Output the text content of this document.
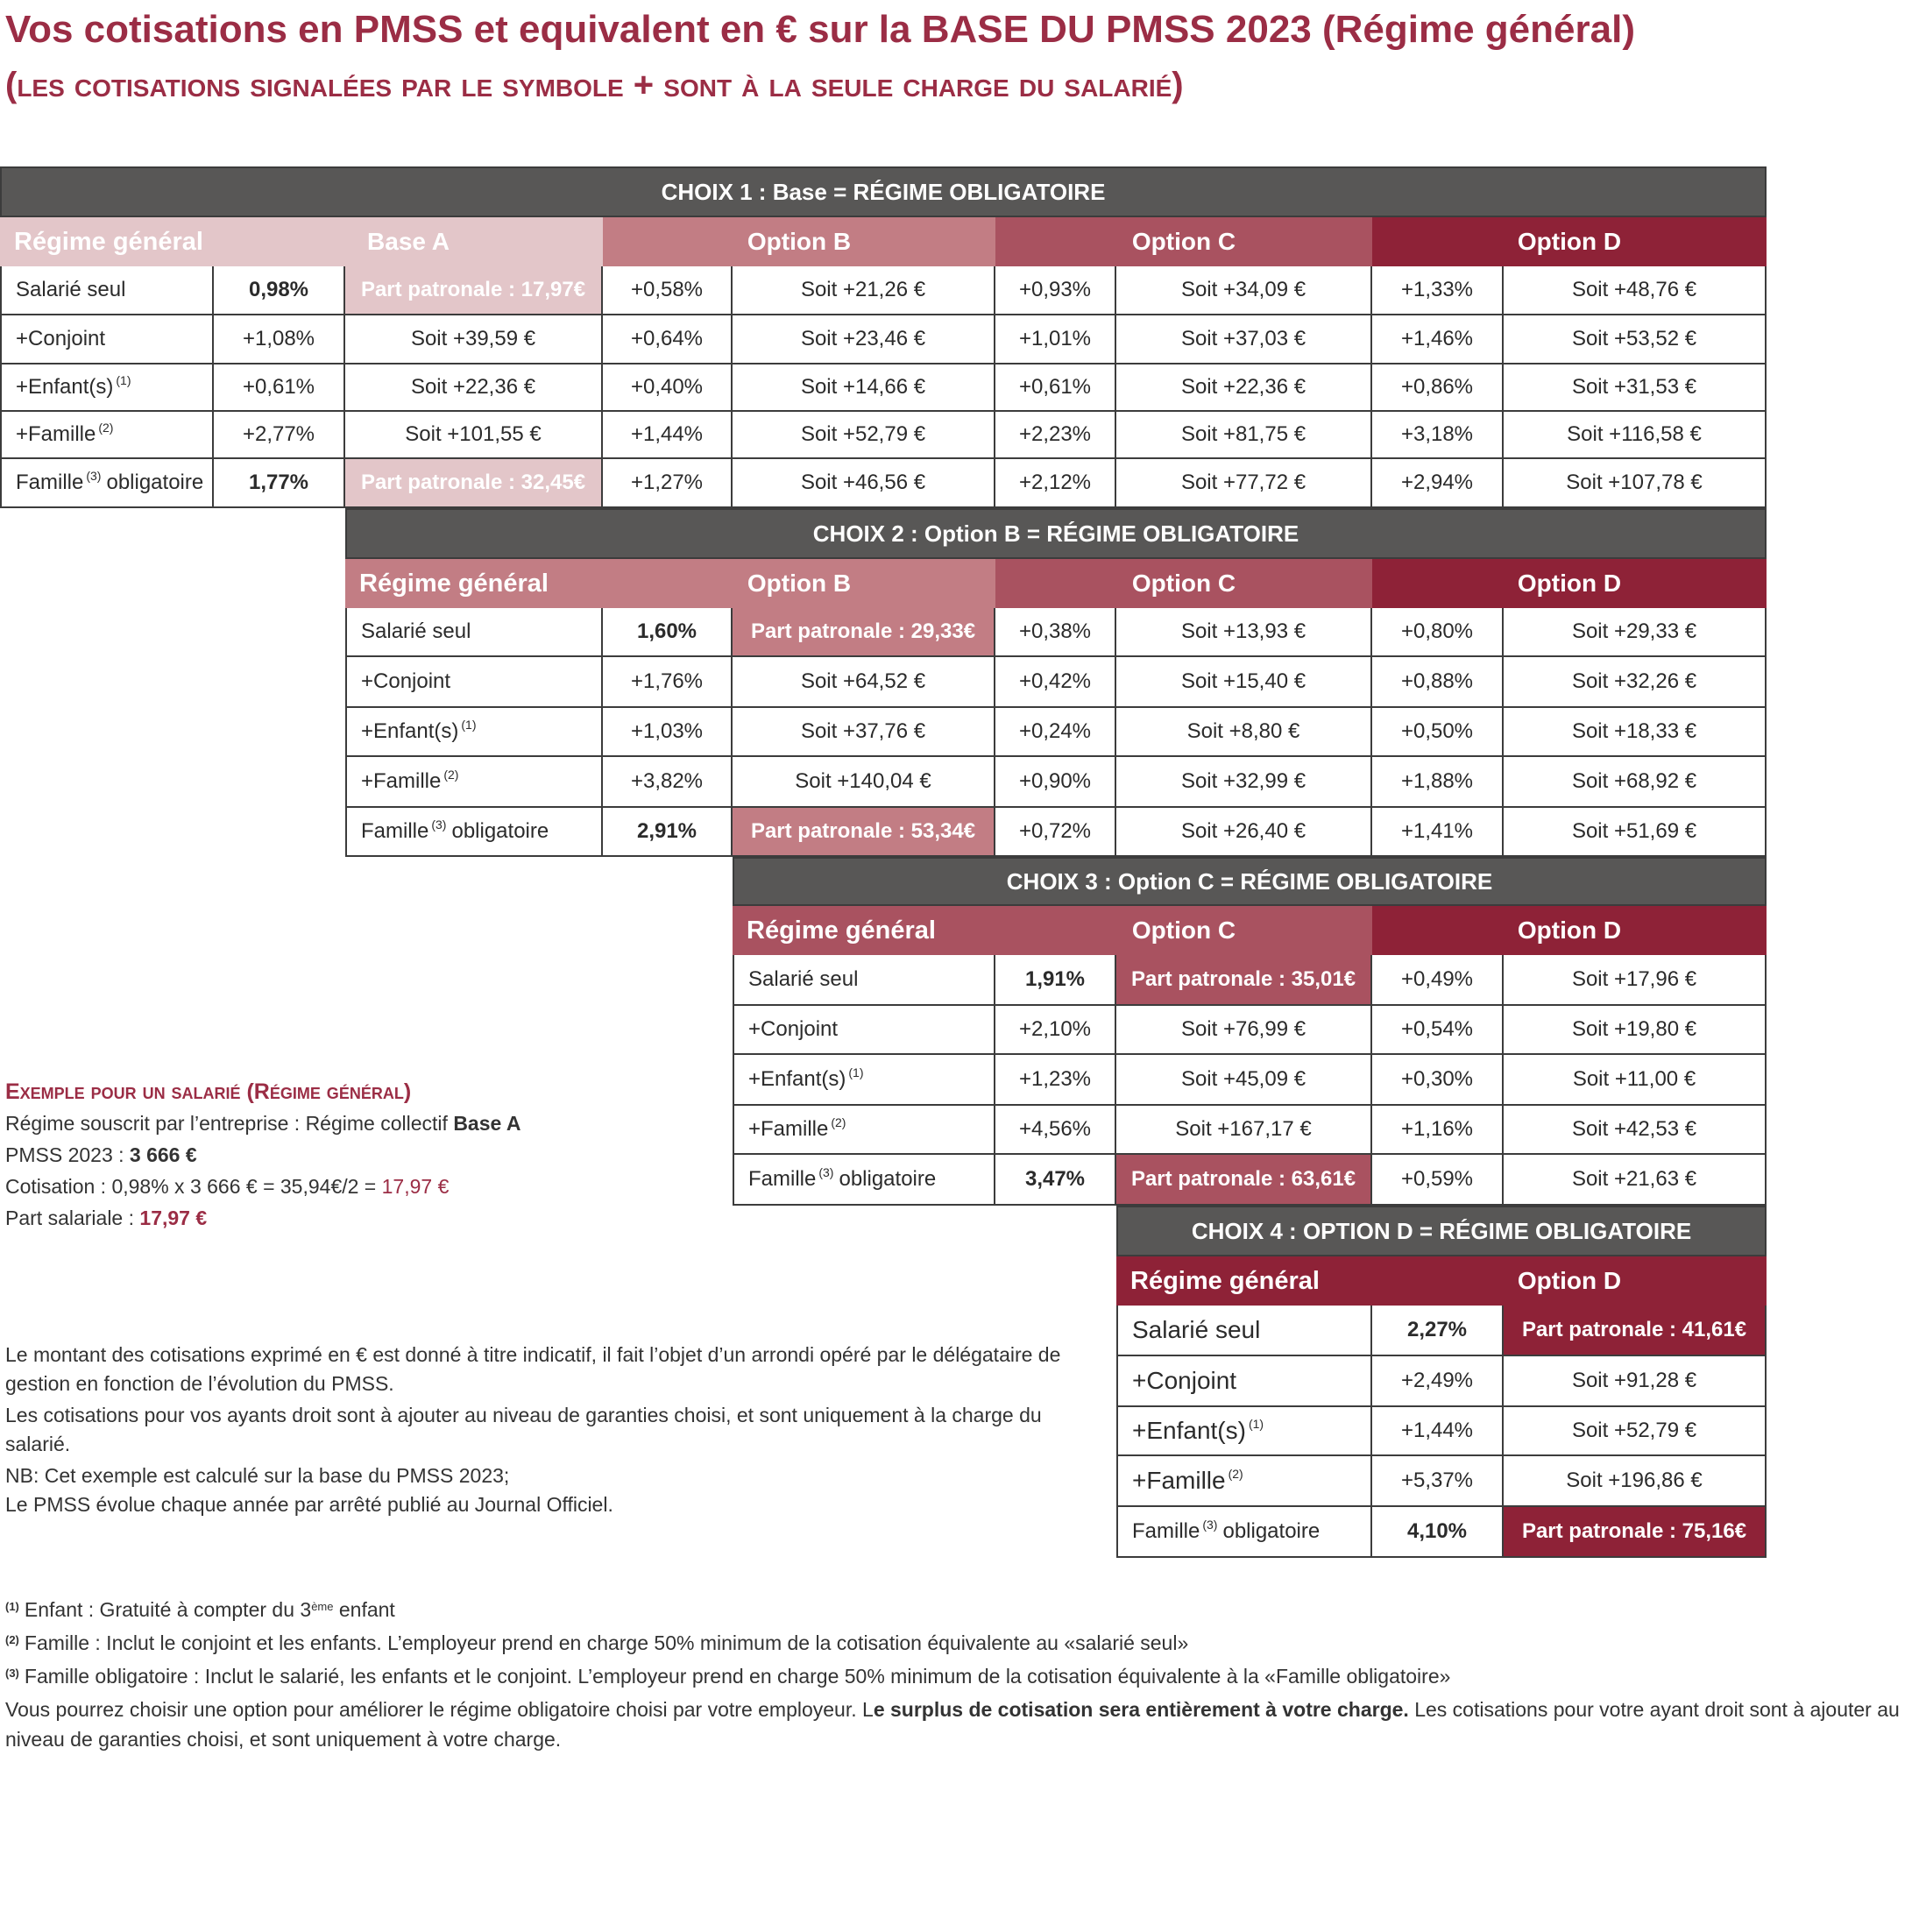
Vos cotisations en PMSS et equivalent en € sur la BASE DU PMSS 2023 (Régime général)
(les cotisations signalées par le symbole + sont à la seule charge du salarié)
CHOIX 1 : Base = RÉGIME OBLIGATOIRE
Régime général	Base A	Option B	Option C	Option D
Salarié seul	0,98%	Part patronale : 17,97€	+0,58%	Soit +21,26 €	+0,93%	Soit +34,09 €	+1,33%	Soit +48,76 €
+Conjoint	+1,08%	Soit +39,59 €	+0,64%	Soit +23,46 €	+1,01%	Soit +37,03 €	+1,46%	Soit +53,52 €
$+Enfant(s)^{(1)}$	+0,61%	Soit +22,36 €	+0,40%	Soit +14,66 €	+0,61%	Soit +22,36 €	+0,86%	Soit +31,53 €
+Famille$^{(2)}$	+2,77%	Soit +101,55 €	+1,44%	Soit +52,79 €	+2,23%	Soit +81,75 €	+3,18%	Soit +116,58 €
Famille$^{(3)}$ obligatoire	1,77%	Part patronale : 32,45€	+1,27%	Soit +46,56 €	+2,12%	Soit +77,72 €	+2,94%	Soit +107,78 €
CHOIX 2 : Option B = RÉGIME OBLIGATOIRE
Régime général	Option B	Option C	Option D
Salarié seul	1,60%	Part patronale : 29,33€	+0,38%	Soit +13,93 €	+0,80%	Soit +29,33 €
+Conjoint	+1,76%	Soit +64,52 €	+0,42%	Soit +15,40 €	+0,88%	Soit +32,26 €
$+Enfant(s)^{(1)}$	+1,03%	Soit +37,76 €	+0,24%	Soit +8,80 €	+0,50%	Soit +18,33 €
+Famille$^{(2)}$	+3,82%	Soit +140,04 €	+0,90%	Soit +32,99 €	+1,88%	Soit +68,92 €
Famille$^{(3)}$ obligatoire	2,91%	Part patronale : 53,34€	+0,72%	Soit +26,40 €	+1,41%	Soit +51,69 €
CHOIX 3 : Option C = RÉGIME OBLIGATOIRE
Régime général	Option C	Option D
Salarié seul	1,91%	Part patronale : 35,01€	+0,49%	Soit +17,96 €
+Conjoint	+2,10%	Soit +76,99 €	+0,54%	Soit +19,80 €
$+Enfant(s)^{(1)}$	+1,23%	Soit +45,09 €	+0,30%	Soit +11,00 €
+Famille$^{(2)}$	+4,56%	Soit +167,17 €	+1,16%	Soit +42,53 €
Famille$^{(3)}$ obligatoire	3,47%	Part patronale : 63,61€	+0,59%	Soit +21,63 €
CHOIX 4 : OPTION D = RÉGIME OBLIGATOIRE
Régime général	Option D
Salarié seul	2,27%	Part patronale : 41,61€
+Conjoint	+2,49%	Soit +91,28 €
$+Enfant(s)^{(1)}$	+1,44%	Soit +52,79 €
+Famille$^{(2)}$	+5,37%	Soit +196,86 €
Famille$^{(3)}$ obligatoire	4,10%	Part patronale : 75,16€
Exemple pour un salarié (Régime général)
Régime souscrit par l’entreprise : Régime collectif Base A
PMSS 2023 : 3 666 €
Cotisation : 0,98% x 3 666 € = 35,94€/2 = 17,97 €
Part salariale : 17,97 €

Le montant des cotisations exprimé en € est donné à titre indicatif, il fait l’objet d’un arrondi opéré par le délégataire de gestion en fonction de l’évolution du PMSS.

Les cotisations pour vos ayants droit sont à ajouter au niveau de garanties choisi, et sont uniquement à la charge du salarié.

NB: Cet exemple est calculé sur la base du PMSS 2023;
Le PMSS évolue chaque année par arrêté publié au Journal Officiel.

$^{(1)}$ Enfant : Gratuité à compter du 3ème enfant

$^{(2)}$ Famille : Inclut le conjoint et les enfants. L’employeur prend en charge 50% minimum de la cotisation équivalente au «salarié seul»

$^{(3)}$ Famille obligatoire : Inclut le salarié, les enfants et le conjoint. L’employeur prend en charge 50% minimum de la cotisation équivalente à la «Famille obligatoire»

Vous pourrez choisir une option pour améliorer le régime obligatoire choisi par votre employeur. Le surplus de cotisation sera entièrement à votre charge. Les cotisations pour votre ayant droit sont à ajouter au niveau de garanties choisi, et sont uniquement à votre charge.
